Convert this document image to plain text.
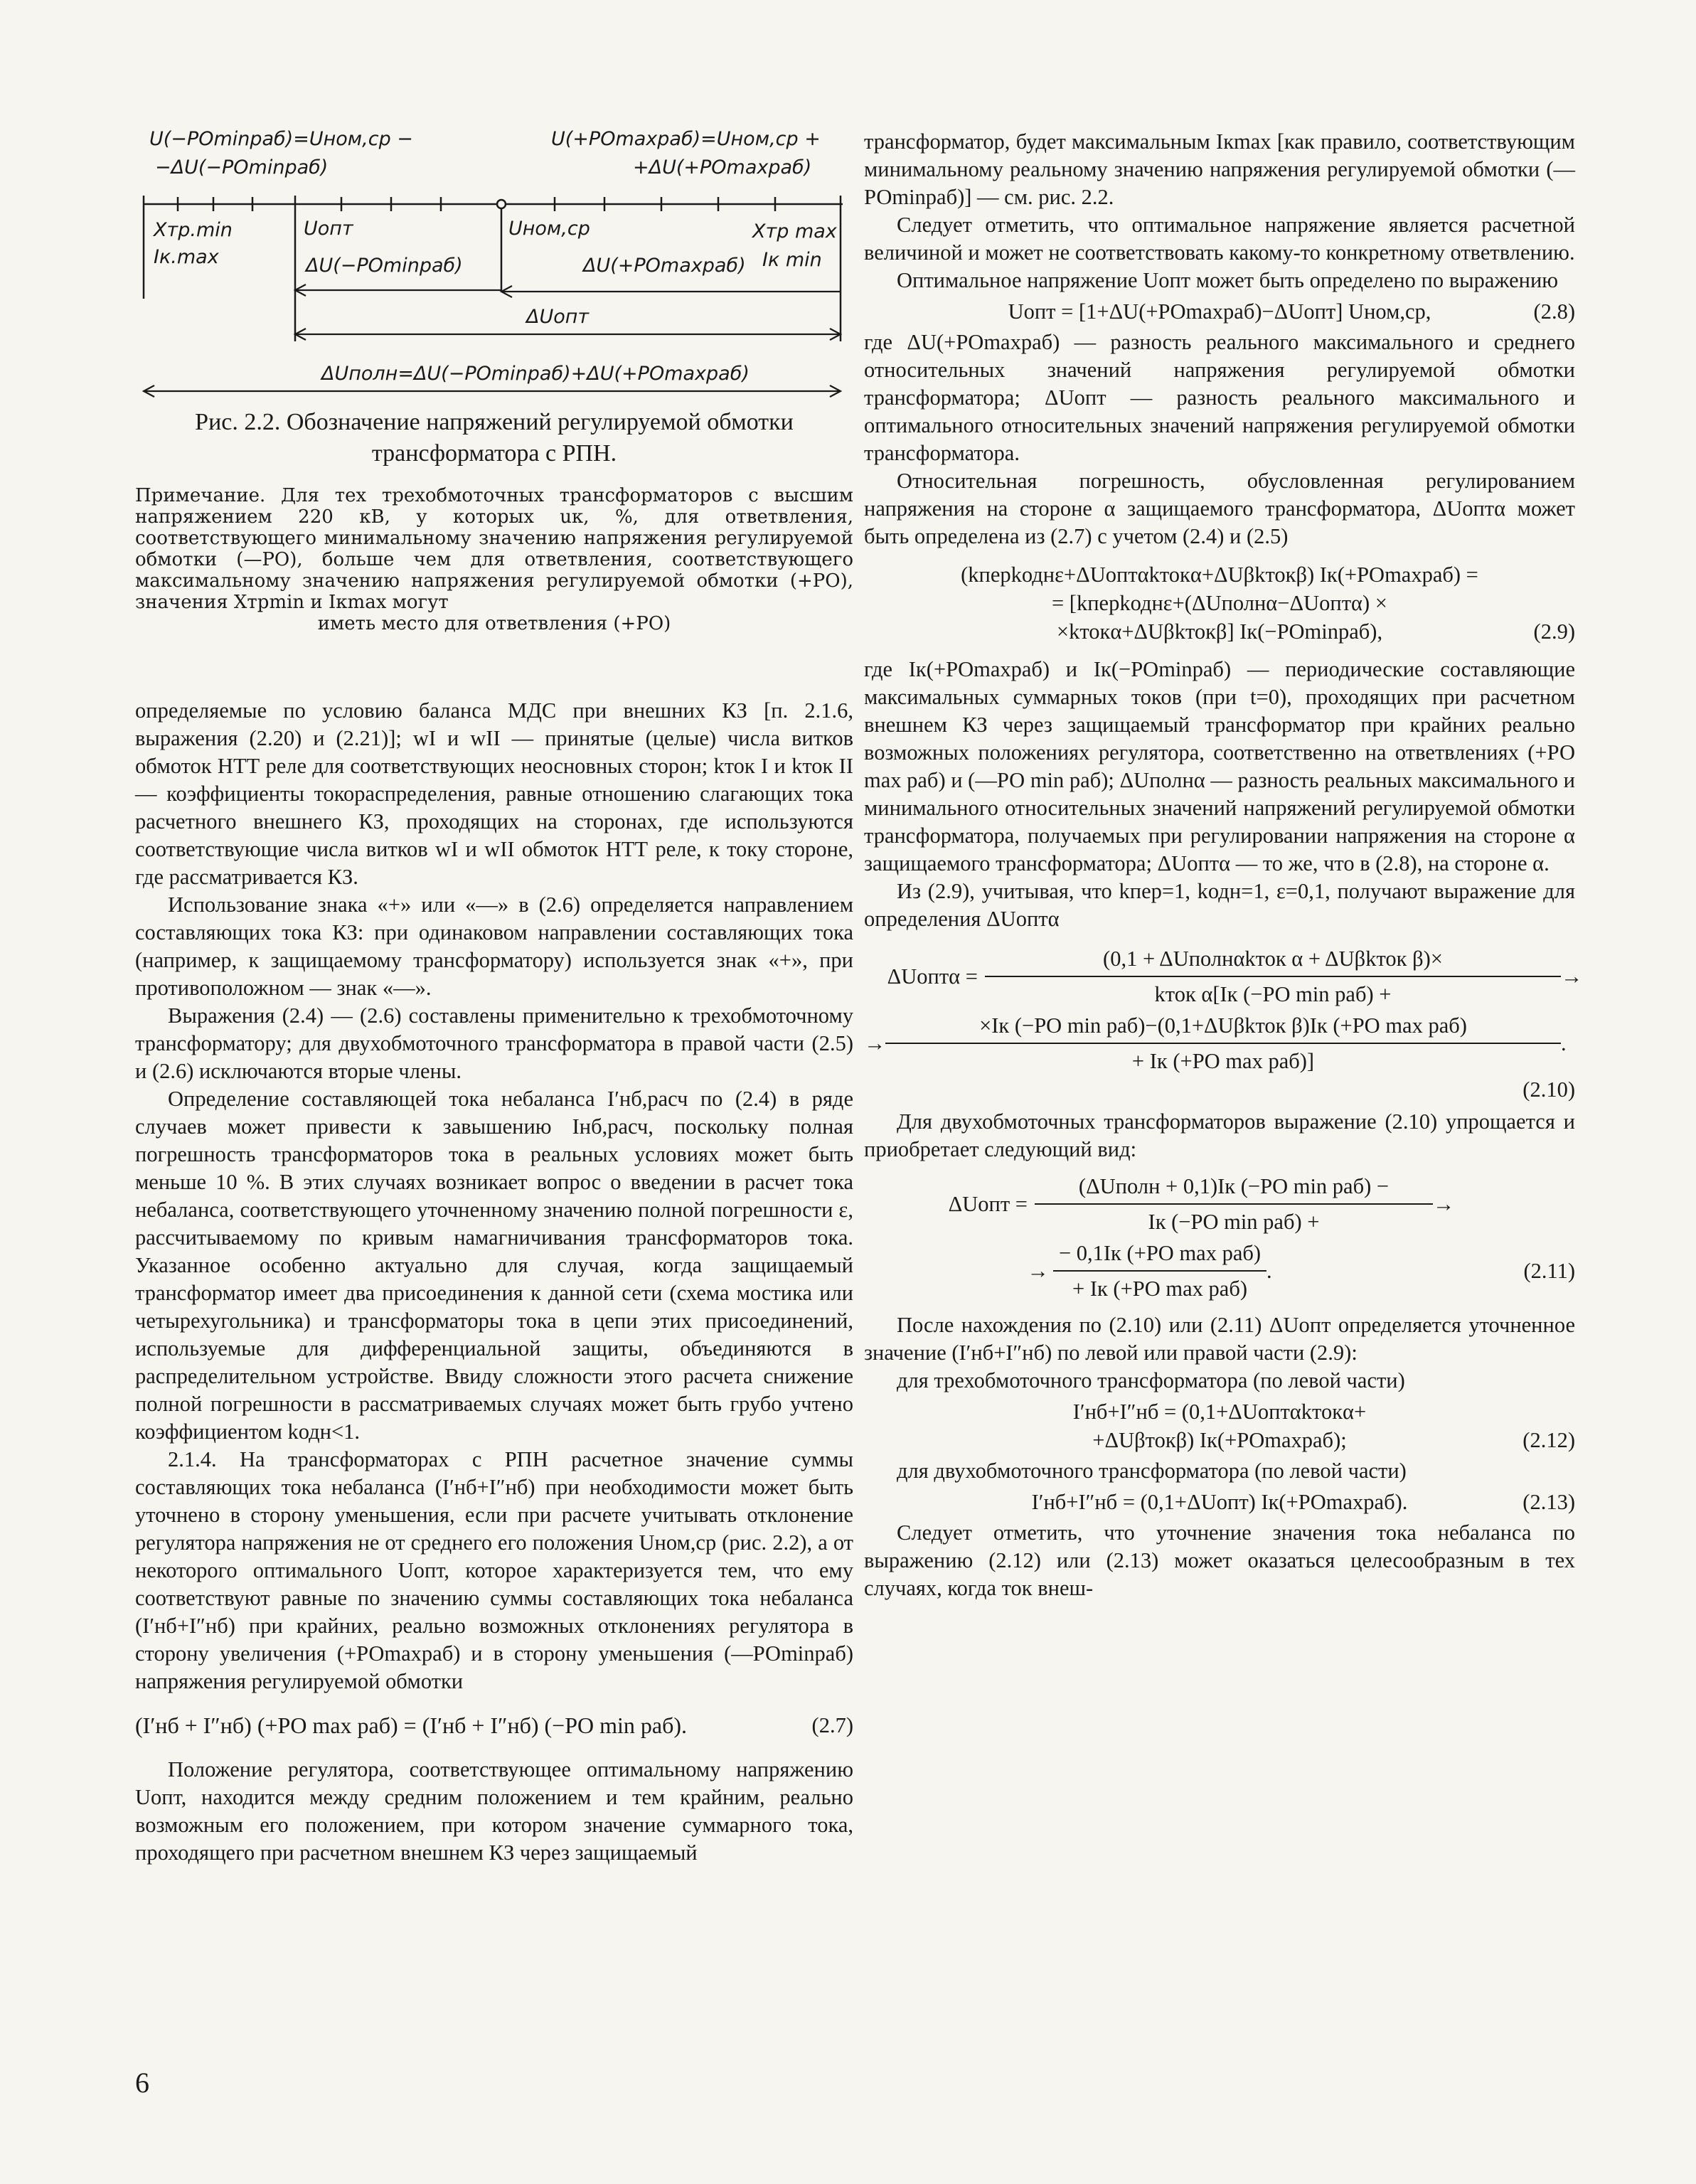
U(−POminpaб)=Uном,cp −
−ΔU(−POminpaб)
U(+POmaxpaб)=Uном,cp +
+ΔU(+POmaxpaб)
Xтр.min
Iк.max
Uопт
ΔU(−POminpaб)
Uном,cp
ΔU(+POmaxpaб)
Xтр max
Iк min
ΔUопт
ΔUполн=ΔU(−POminpaб)+ΔU(+POmaxpaб)

Рис. 2.2. Обозначение напряжений регулируемой обмотки трансформатора с РПН.

Примечание. Для тех трехобмоточных трансформаторов с высшим напряжением 220 кВ, у которых uк, %, для ответвления, соответствующего минимальному значению напряжения регулируемой обмотки (—РО), больше чем для ответвления, соответствующего максимальному значению напряжения регулируемой обмотки (+РО), значения Xтрmin и Iкmax могут
иметь место для ответвления (+РО)

определяемые по условию баланса МДС при внешних КЗ [п. 2.1.6, выражения (2.20) и (2.21)]; wI и wII — принятые (целые) числа витков обмоток НТТ реле для соответствующих неосновных сторон; kток I и kток II — коэффициенты токораспределения, равные отношению слагающих тока расчетного внешнего КЗ, проходящих на сторонах, где используются соответствующие числа витков wI и wII обмоток НТТ реле, к току стороне, где рассматривается КЗ.

Использование знака «+» или «—» в (2.6) определяется направлением составляющих тока КЗ: при одинаковом направлении составляющих тока (например, к защищаемому трансформатору) используется знак «+», при противоположном — знак «—».

Выражения (2.4) — (2.6) составлены применительно к трехобмоточному трансформатору; для двухобмоточного трансформатора в правой части (2.5) и (2.6) исключаются вторые члены.

Определение составляющей тока небаланса I′нб,расч по (2.4) в ряде случаев может привести к завышению Iнб,расч, поскольку полная погрешность трансформаторов тока в реальных условиях может быть меньше 10 %. В этих случаях возникает вопрос о введении в расчет тока небаланса, соответствующего уточненному значению полной погрешности ε, рассчитываемому по кривым намагничивания трансформаторов тока. Указанное особенно актуально для случая, когда защищаемый трансформатор имеет два присоединения к данной сети (схема мостика или четырехугольника) и трансформаторы тока в цепи этих присоединений, используемые для дифференциальной защиты, объединяются в распределительном устройстве. Ввиду сложности этого расчета снижение полной погрешности в рассматриваемых случаях может быть грубо учтено коэффициентом kодн<1.

2.1.4. На трансформаторах с РПН расчетное значение суммы составляющих тока небаланса (I′нб+I″нб) при необходимости может быть уточнено в сторону уменьшения, если при расчете учитывать отклонение регулятора напряжения не от среднего его положения Uном,ср (рис. 2.2), а от некоторого оптимального Uопт, которое характеризуется тем, что ему соответствуют равные по значению суммы составляющих тока небаланса (I′нб+I″нб) при крайних, реально возможных отклонениях регулятора в сторону увеличения (+РОmaxраб) и в сторону уменьшения (—РОminраб) напряжения регулируемой обмотки

(I′нб + I″нб) (+PO max раб) = (I′нб + I″нб) (−PO min раб).	(2.7)

Положение регулятора, соответствующее оптимальному напряжению Uопт, находится между средним положением и тем крайним, реально возможным его положением, при котором значение суммарного тока, проходящего при расчетном внешнем КЗ через защищаемый

трансформатор, будет максимальным Iкmax [как правило, соответствующим минимальному реальному значению напряжения регулируемой обмотки (—РОminраб)] — см. рис. 2.2.

Следует отметить, что оптимальное напряжение является расчетной величиной и может не соответствовать какому-то конкретному ответвлению.

Оптимальное напряжение Uопт может быть определено по выражению

Uопт = [1+ΔU(+POmaxраб)−ΔUопт] Uном,ср,	(2.8)

где ΔU(+POmaxраб) — разность реального максимального и среднего относительных значений напряжения регулируемой обмотки трансформатора; ΔUопт — разность реального максимального и оптимального относительных значений напряжения регулируемой обмотки трансформатора.

Относительная погрешность, обусловленная регулированием напряжения на стороне α защищаемого трансформатора, ΔUоптα может быть определена из (2.7) с учетом (2.4) и (2.5)

(kперkоднε+ΔUоптαkтокα+ΔUβkтокβ) Iк(+POmaxраб) =
= [kперkоднε+(ΔUполнα−ΔUоптα) ×
×kтокα+ΔUβkтокβ] Iк(−POminраб),	(2.9)

где Iк(+POmaxраб) и Iк(−POminраб) — периодические составляющие максимальных суммарных токов (при t=0), проходящих при расчетном внешнем КЗ через защищаемый трансформатор при крайних реально возможных положениях регулятора, соответственно на ответвлениях (+РО max раб) и (—РО min раб); ΔUполнα — разность реальных максимального и минимального относительных значений напряжений регулируемой обмотки трансформатора, получаемых при регулировании напряжения на стороне α защищаемого трансформатора; ΔUоптα — то же, что в (2.8), на стороне α.

Из (2.9), учитывая, что kпер=1, kодн=1, ε=0,1, получают выражение для определения ΔUоптα

ΔUоптα = $\frac{\text{(0,1 + ΔUполнαkток α + ΔUβkток β)×}}{\text{kток α[Iк (−PO min раб) +}}$ →
→ $\frac{\text{×Iк (−PO min раб)−(0,1+ΔUβkток β)Iк (+PO max раб)}}{\text{+ Iк (+PO max раб)]}}$ .
(2.10)

Для двухобмоточных трансформаторов выражение (2.10) упрощается и приобретает следующий вид:

ΔUопт = $\frac{\text{(ΔUполн + 0,1)Iк (−PO min раб) −}}{\text{Iк (−PO min раб) +}}$ →
→ $\frac{\text{− 0,1Iк (+PO max раб)}}{\text{+ Iк (+PO max раб)}}$ .	(2.11)

После нахождения по (2.10) или (2.11) ΔUопт определяется уточненное значение (I′нб+I″нб) по левой или правой части (2.9):

для трехобмоточного трансформатора (по левой части)

I′нб+I″нб = (0,1+ΔUоптαkтокα+
+ΔUβтокβ) Iк(+POmaxраб);	(2.12)

для двухобмоточного трансформатора (по левой части)

I′нб+I″нб = (0,1+ΔUопт) Iк(+POmaxраб).	(2.13)

Следует отметить, что уточнение значения тока небаланса по выражению (2.12) или (2.13) может оказаться целесообразным в тех случаях, когда ток внеш-

6
